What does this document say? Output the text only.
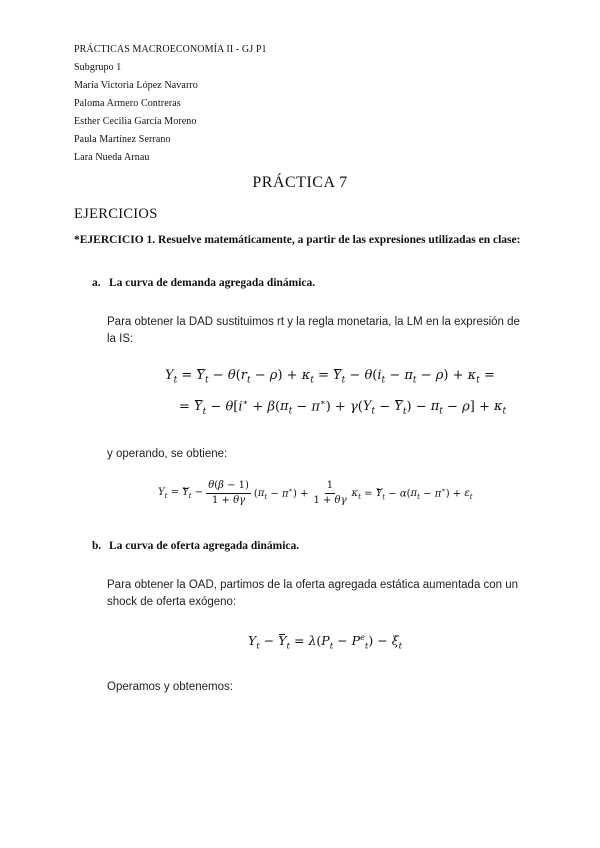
PRÁCTICAS MACROECONOMÍA II - GJ P1
Subgrupo 1
María Victoria López Navarro
Paloma Armero Contreras
Esther Cecilia García Moreno
Paula Martínez Serrano
Lara Nueda Arnau
PRÁCTICA 7
EJERCICIOS
*EJERCICIO 1. Resuelve matemáticamente, a partir de las expresiones utilizadas en clase:
a. La curva de demanda agregada dinámica.
Para obtener la DAD sustituimos rt y la regla monetaria, la LM en la expresión de la IS:
$Y_t = Y_t - \theta(r_t - \rho) + \kappa_t = Y_t - \theta(i_t - \pi_t - \rho) + \kappa_t$ =
= $Y_t - \theta[i^∗ + \beta(\pi_t - \pi^∗) + \gamma(Y_t - Y_t) - \pi_t - \rho] + \kappa_t$
y operando, se obtiene:
$Y_t = Y_t - \frac{\theta(\beta - 1)}{1 + \theta\gamma} (\pi_t - \pi^∗) + \frac{1}{1 + \theta\gamma} \kappa_t = Y_t - \alpha(\pi_t - \pi^∗) + \varepsilon_t$
b. La curva de oferta agregada dinámica.
Para obtener la OAD, partimos de la oferta agregada estática aumentada con un shock de oferta exógeno:
$Y_t - Y_t = \lambda(P_t - P^e_t) - \xi_t$
Operamos y obtenemos:
